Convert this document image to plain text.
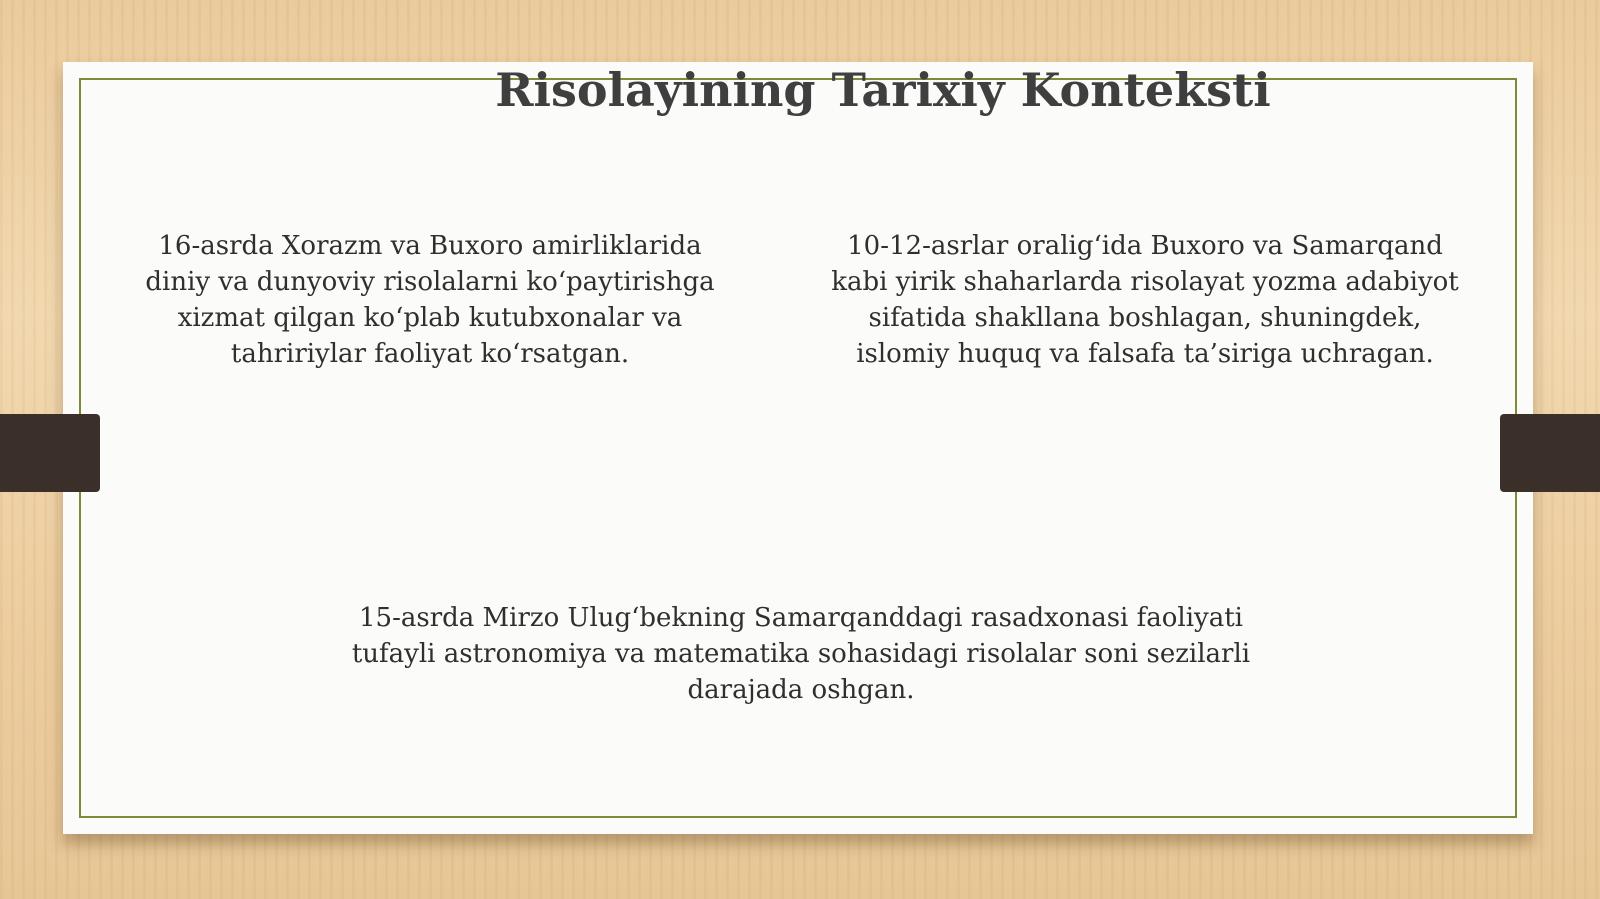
Risolayining Tarixiy Konteksti

16-asrda Xorazm va Buxoro amirliklarida
diniy va dunyoviy risolalarni ko‘paytirishga
xizmat qilgan ko‘plab kutubxonalar va
tahririylar faoliyat ko‘rsatgan.

10-12-asrlar oralig‘ida Buxoro va Samarqand
kabi yirik shaharlarda risolayat yozma adabiyot
sifatida shakllana boshlagan, shuningdek,
islomiy huquq va falsafa ta’siriga uchragan.

15-asrda Mirzo Ulug‘bekning Samarqanddagi rasadxonasi faoliyati
tufayli astronomiya va matematika sohasidagi risolalar soni sezilarli
darajada oshgan.
